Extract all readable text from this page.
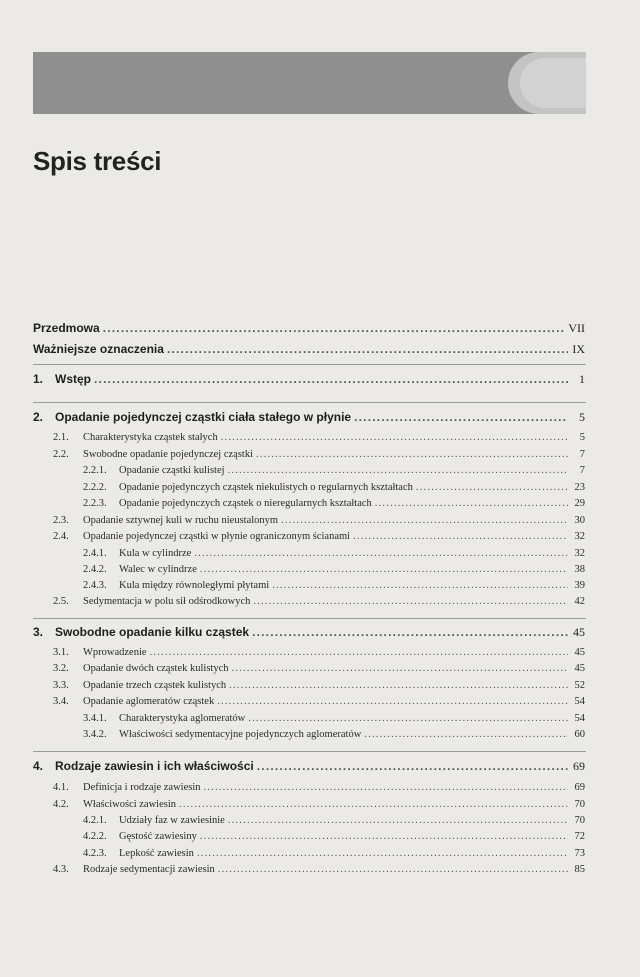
Spis treści
Przedmowa .....	VII
Ważniejsze oznaczenia .....	IX
1. Wstęp .....	1
2. Opadanie pojedynczej cząstki ciała stałego w płynie .....	5
2.1.	Charakterystyka cząstek stałych .....	5
2.2.	Swobodne opadanie pojedynczej cząstki .....	7
2.2.1.	Opadanie cząstki kulistej .....	7
2.2.2.	Opadanie pojedynczych cząstek niekulistych o regularnych kształtach .....	23
2.2.3.	Opadanie pojedynczych cząstek o nieregularnych kształtach .....	29
2.3.	Opadanie sztywnej kuli w ruchu nieustalonym .....	30
2.4.	Opadanie pojedynczej cząstki w płynie ograniczonym ścianami .....	32
2.4.1.	Kula w cylindrze .....	32
2.4.2.	Walec w cylindrze .....	38
2.4.3.	Kula między równoległymi płytami .....	39
2.5.	Sedymentacja w polu sił odśrodkowych .....	42
3. Swobodne opadanie kilku cząstek .....	45
3.1.	Wprowadzenie .....	45
3.2.	Opadanie dwóch cząstek kulistych .....	45
3.3.	Opadanie trzech cząstek kulistych .....	52
3.4.	Opadanie aglomeratów cząstek .....	54
3.4.1.	Charakterystyka aglomeratów .....	54
3.4.2.	Właściwości sedymentacyjne pojedynczych aglomeratów .....	60
4. Rodzaje zawiesin i ich właściwości .....	69
4.1.	Definicja i rodzaje zawiesin .....	69
4.2.	Właściwości zawiesin .....	70
4.2.1.	Udziały faz w zawiesinie .....	70
4.2.2.	Gęstość zawiesiny .....	72
4.2.3.	Lepkość zawiesin .....	73
4.3.	Rodzaje sedymentacji zawiesin .....	85
